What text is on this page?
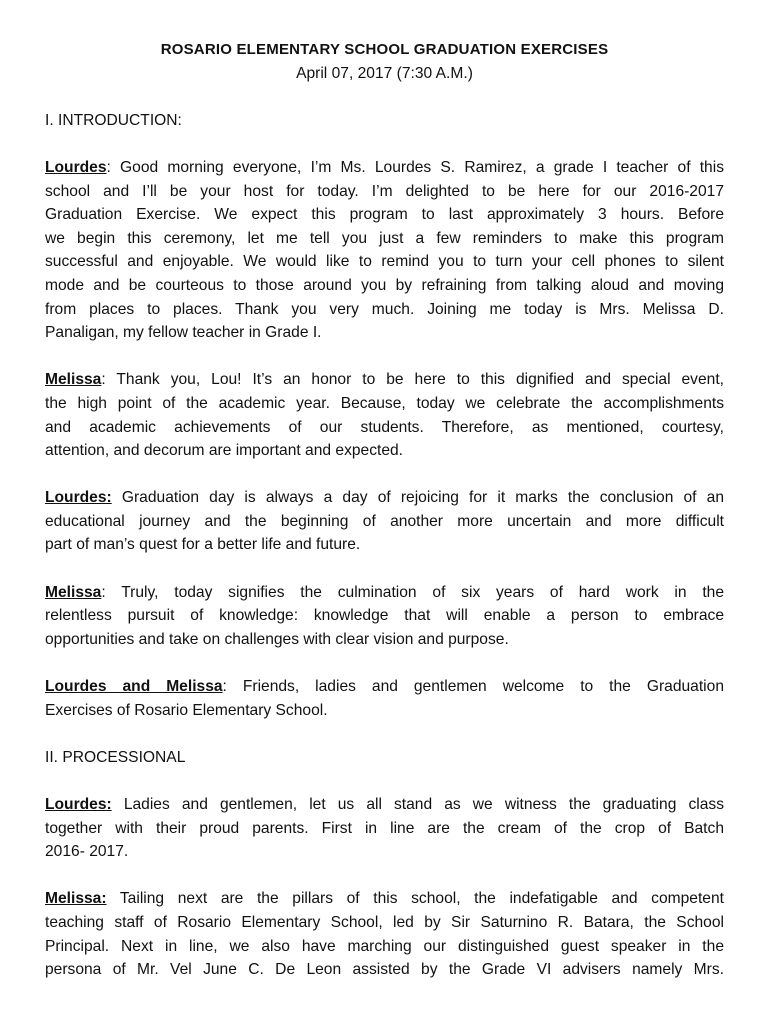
ROSARIO ELEMENTARY SCHOOL GRADUATION EXERCISES
April 07, 2017 (7:30 A.M.)
I. INTRODUCTION:
Lourdes: Good morning everyone, I’m Ms. Lourdes S. Ramirez, a grade I teacher of this
school and I’ll be your host for today. I’m delighted to be here for our 2016-2017
Graduation Exercise. We expect this program to last approximately 3 hours. Before
we begin this ceremony, let me tell you just a few reminders to make this program
successful and enjoyable. We would like to remind you to turn your cell phones to silent
mode and be courteous to those around you by refraining from talking aloud and moving
from places to places. Thank you very much. Joining me today is Mrs. Melissa D.
Panaligan, my fellow teacher in Grade I.
Melissa: Thank you, Lou! It’s an honor to be here to this dignified and special event,
the high point of the academic year. Because, today we celebrate the accomplishments
and academic achievements of our students. Therefore, as mentioned, courtesy,
attention, and decorum are important and expected.
Lourdes: Graduation day is always a day of rejoicing for it marks the conclusion of an
educational journey and the beginning of another more uncertain and more difficult
part of man’s quest for a better life and future.
Melissa: Truly, today signifies the culmination of six years of hard work in the
relentless pursuit of knowledge: knowledge that will enable a person to embrace
opportunities and take on challenges with clear vision and purpose.
Lourdes and Melissa: Friends, ladies and gentlemen welcome to the Graduation
Exercises of Rosario Elementary School.
II. PROCESSIONAL
Lourdes: Ladies and gentlemen, let us all stand as we witness the graduating class
together with their proud parents. First in line are the cream of the crop of Batch
2016- 2017.
Melissa: Tailing next are the pillars of this school, the indefatigable and competent
teaching staff of Rosario Elementary School, led by Sir Saturnino R. Batara, the School
Principal. Next in line, we also have marching our distinguished guest speaker in the
persona of Mr. Vel June C. De Leon assisted by the Grade VI advisers namely Mrs.
